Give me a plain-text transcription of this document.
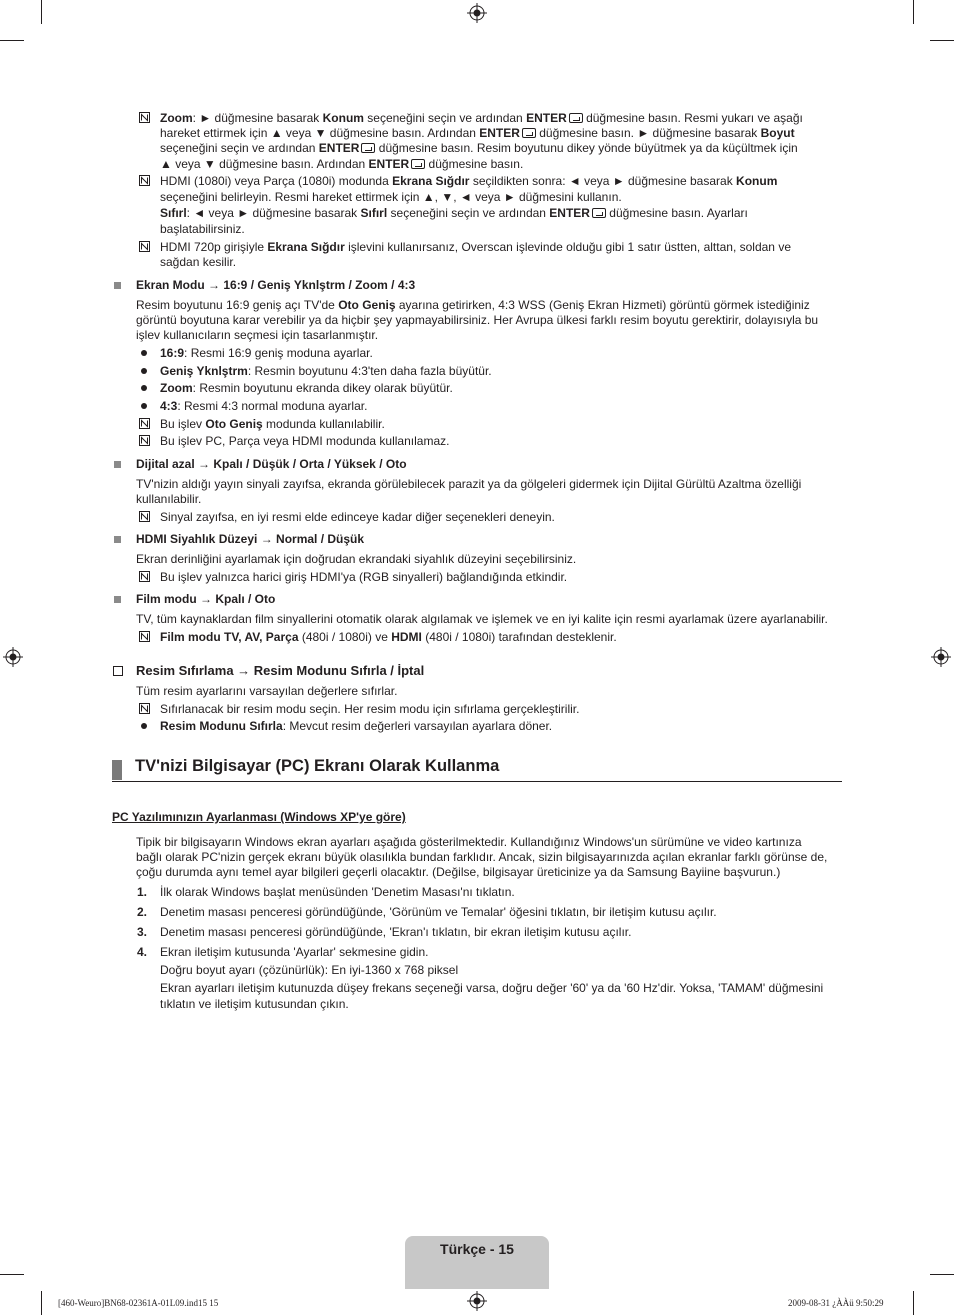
Zoom: ► düğmesine basarak Konum seçeneğini seçin ve ardından ENTER düğmesine basın. Resmi yukarı ve aşağı
hareket ettirmek için ▲ veya ▼ düğmesine basın. Ardından ENTER düğmesine basın. ► düğmesine basarak Boyut
seçeneğini seçin ve ardından ENTER düğmesine basın. Resim boyutunu dikey yönde büyütmek ya da küçültmek için
▲ veya ▼ düğmesine basın. Ardından ENTER düğmesine basın.
HDMI (1080i) veya Parça (1080i) modunda Ekrana Sığdır seçildikten sonra: ◄ veya ► düğmesine basarak Konum
seçeneğini belirleyin. Resmi hareket ettirmek için ▲, ▼, ◄ veya ► düğmesini kullanın.
Sıfırl: ◄ veya ► düğmesine basarak Sıfırl seçeneğini seçin ve ardından ENTER düğmesine basın. Ayarları
başlatabilirsiniz.
HDMI 720p girişiyle Ekrana Sığdır işlevini kullanırsanız, Overscan işlevinde olduğu gibi 1 satır üstten, alttan, soldan ve
sağdan kesilir.
Ekran Modu → 16:9 / Geniş Yknlştrm / Zoom / 4:3
Resim boyutunu 16:9 geniş açı TV'de Oto Geniş ayarına getirirken, 4:3 WSS (Geniş Ekran Hizmeti) görüntü görmek istediğiniz
görüntü boyutuna karar verebilir ya da hiçbir şey yapmayabilirsiniz. Her Avrupa ülkesi farklı resim boyutu gerektirir, dolayısıyla bu
işlev kullanıcıların seçmesi için tasarlanmıştır.
16:9: Resmi 16:9 geniş moduna ayarlar.
Geniş Yknlştrm: Resmin boyutunu 4:3'ten daha fazla büyütür.
Zoom: Resmin boyutunu ekranda dikey olarak büyütür.
4:3: Resmi 4:3 normal moduna ayarlar.
Bu işlev Oto Geniş modunda kullanılabilir.
Bu işlev PC, Parça veya HDMI modunda kullanılamaz.
Dijital azal → Kpalı / Düşük / Orta / Yüksek / Oto
TV'nizin aldığı yayın sinyali zayıfsa, ekranda görülebilecek parazit ya da gölgeleri gidermek için Dijital Gürültü Azaltma özelliği
kullanılabilir.
Sinyal zayıfsa, en iyi resmi elde edinceye kadar diğer seçenekleri deneyin.
HDMI Siyahlık Düzeyi → Normal / Düşük
Ekran derinliğini ayarlamak için doğrudan ekrandaki siyahlık düzeyini seçebilirsiniz.
Bu işlev yalnızca harici giriş HDMI'ya (RGB sinyalleri) bağlandığında etkindir.
Film modu → Kpalı / Oto
TV, tüm kaynaklardan film sinyallerini otomatik olarak algılamak ve işlemek ve en iyi kalite için resmi ayarlamak üzere ayarlanabilir.
Film modu TV, AV, Parça (480i / 1080i) ve HDMI (480i / 1080i) tarafından desteklenir.
Resim Sıfırlama → Resim Modunu Sıfırla / İptal
Tüm resim ayarlarını varsayılan değerlere sıfırlar.
Sıfırlanacak bir resim modu seçin. Her resim modu için sıfırlama gerçekleştirilir.
Resim Modunu Sıfırla: Mevcut resim değerleri varsayılan ayarlara döner.
TV'nizi Bilgisayar (PC) Ekranı Olarak Kullanma
PC Yazılımınızın Ayarlanması (Windows XP'ye göre)
Tipik bir bilgisayarın Windows ekran ayarları aşağıda gösterilmektedir. Kullandığınız Windows'un sürümüne ve video kartınıza
bağlı olarak PC'nizin gerçek ekranı büyük olasılıkla bundan farklıdır. Ancak, sizin bilgisayarınızda açılan ekranlar farklı görünse de,
çoğu durumda aynı temel ayar bilgileri geçerli olacaktır. (Değilse, bilgisayar üreticinize ya da Samsung Bayiine başvurun.)
1. İlk olarak Windows başlat menüsünden 'Denetim Masası'nı tıklatın.
2. Denetim masası penceresi göründüğünde, 'Görünüm ve Temalar' öğesini tıklatın, bir iletişim kutusu açılır.
3. Denetim masası penceresi göründüğünde, 'Ekran'ı tıklatın, bir ekran iletişim kutusu açılır.
4. Ekran iletişim kutusunda 'Ayarlar' sekmesine gidin.
Doğru boyut ayarı (çözünürlük): En iyi-1360 x 768 piksel
Ekran ayarları iletişim kutunuzda düşey frekans seçeneği varsa, doğru değer '60' ya da '60 Hz'dir. Yoksa, 'TAMAM' düğmesini
tıklatın ve iletişim kutusundan çıkın.
Türkçe - 15
[460-Weuro]BN68-02361A-01L09.ind15 15	2009-08-31 ¿ÀÀü 9:50:29
